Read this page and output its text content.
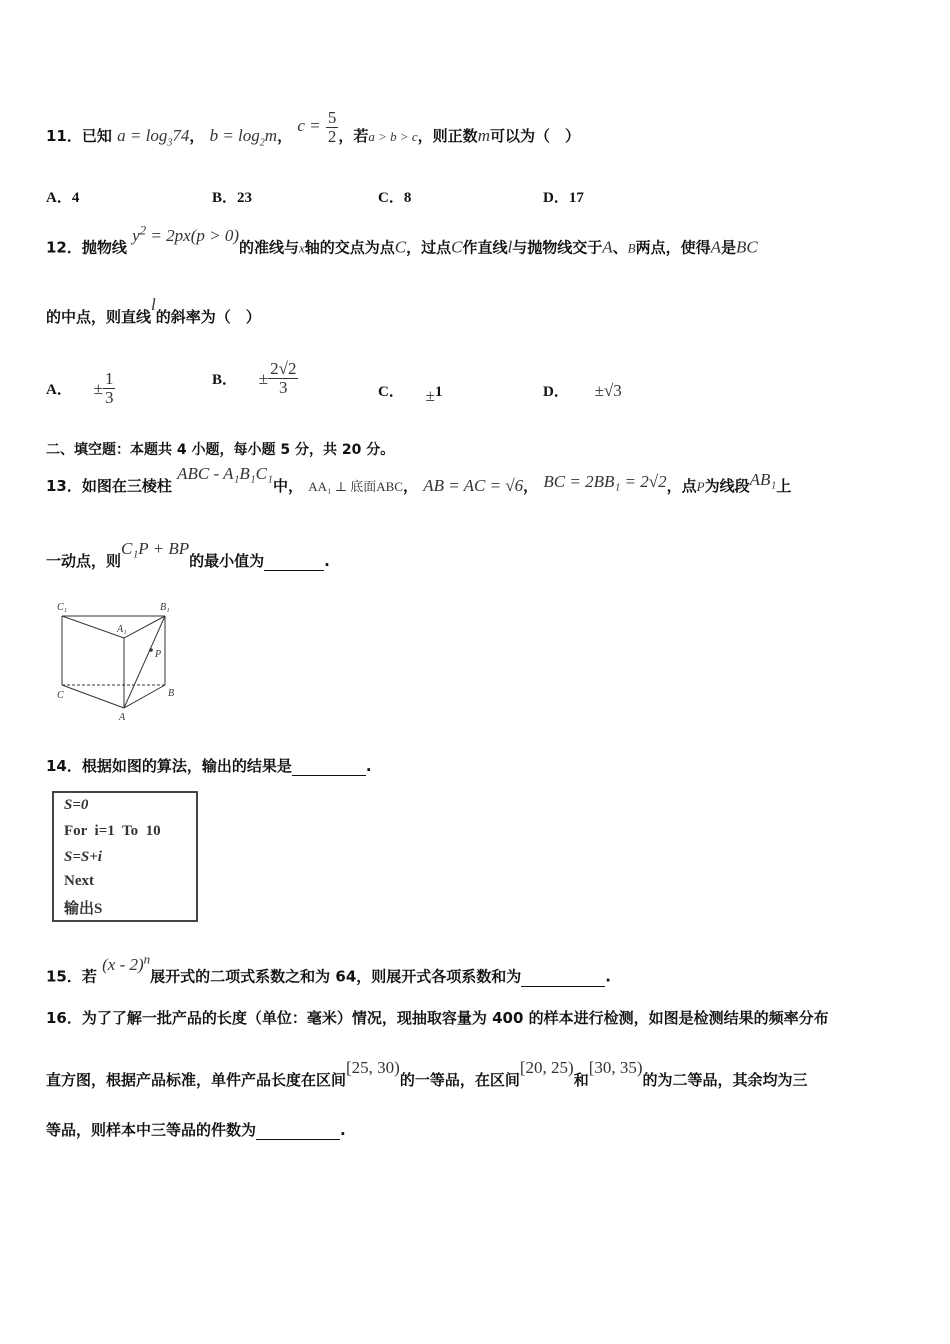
11．已知 $a = \log_374$， $b = \log_2m$， $c = \frac{5}{2}$ ，若a > b > c，则正数m可以为（　）
A．4	B．23	C．8	D．17
12．抛物线 $y^2 = 2px(p > 0)$的准线与x轴的交点为点C，过点C作直线l与抛物线交于A、B两点，使得A是BC
的中点，则直线l的斜率为（　）
A． ± $\frac{1}{3}$	B． ± $\frac{2√2}{3}$	C． ±1	D． ±√3
二、填空题：本题共 4 小题，每小题 5 分，共 20 分。
13．如图在三棱柱 ABC - A₁B₁C₁中， AA₁ ⊥ 底面ABC， AB = AC = √6， BC = 2BB₁ = 2√2，点P为线段AB₁上
一动点，则C₁P + BP的最小值为	.
C₁	B₁
A₁
P
C	B
A
14．根据如图的算法，输出的结果是	.
S=0
For  i=1  To  10
S=S+i
Next
输出S
15．若 (x - 2)$^n$展开式的二项式系数之和为 64，则展开式各项系数和为	.
16．为了了解一批产品的长度（单位：毫米）情况，现抽取容量为 400 的样本进行检测，如图是检测结果的频率分布
直方图，根据产品标准，单件产品长度在区间[25, 30)的一等品，在区间[20, 25)和[30, 35)的为二等品，其余均为三
等品，则样本中三等品的件数为	.
